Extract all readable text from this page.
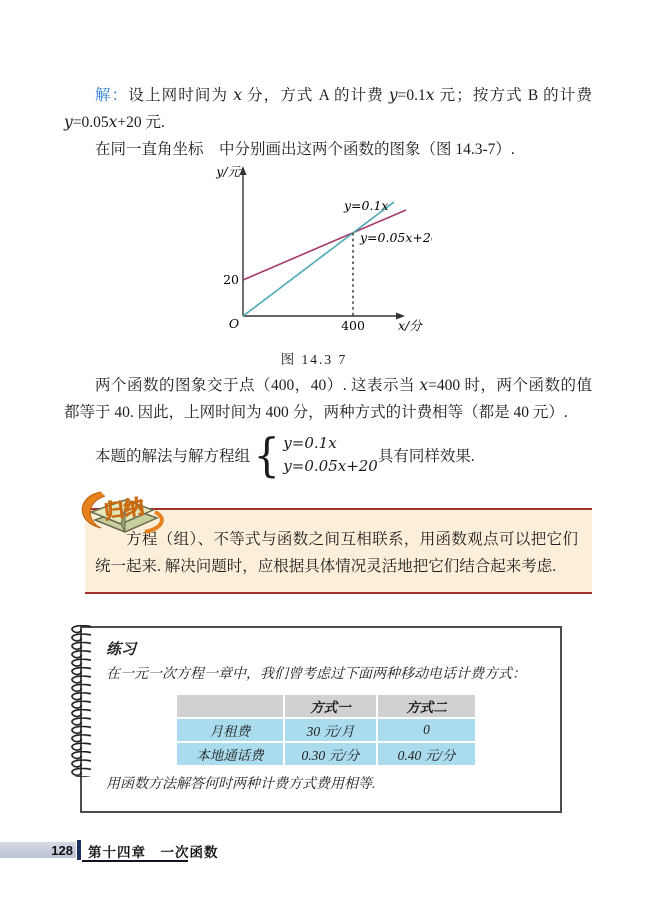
解：设上网时间为 x 分，方式 A 的计费 y=0.1x 元；按方式 B 的计费 y=0.05x+20 元.

在同一直角坐标　中分别画出这两个函数的图象（图 14.3-7）.

y/元
x/分
O
20
400
y=0.1x
y=0.05x+20
图 14.3 7

两个函数的图象交于点（400，40）. 这表示当 x=400 时，两个函数的值都等于 40. 因此，上网时间为 400 分，两种方式的计费相等（都是 40 元）.

本题的解法与解方程组 { y=0.1x
y=0.05x+20
具有同样效果.
归纳

方程（组）、不等式与函数之间互相联系，用函数观点可以把它们统一起来. 解决问题时，应根据具体情况灵活地把它们结合起来考虑.

练习

在一元一次方程一章中，我们曾考虑过下面两种移动电话计费方式：

	方式一	方式二
月租费	30 元/月	0
本地通话费	0.30 元/分	0.40 元/分

用函数方法解答何时两种计费方式费用相等.

128 第十四章　一次函数
